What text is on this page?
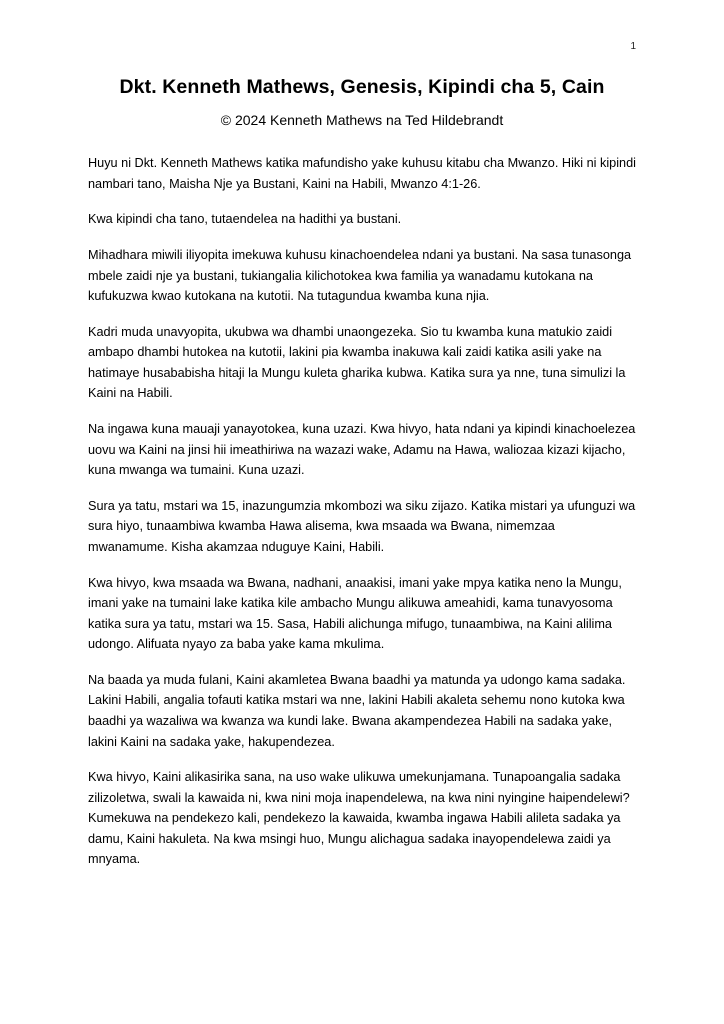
1
Dkt. Kenneth Mathews, Genesis, Kipindi cha 5, Cain
© 2024 Kenneth Mathews na Ted Hildebrandt

Huyu ni Dkt. Kenneth Mathews katika mafundisho yake kuhusu kitabu cha Mwanzo. Hiki ni kipindi nambari tano, Maisha Nje ya Bustani, Kaini na Habili, Mwanzo 4:1-26.

Kwa kipindi cha tano, tutaendelea na hadithi ya bustani.

Mihadhara miwili iliyopita imekuwa kuhusu kinachoendelea ndani ya bustani. Na sasa tunasonga mbele zaidi nje ya bustani, tukiangalia kilichotokea kwa familia ya wanadamu kutokana na kufukuzwa kwao kutokana na kutotii. Na tutagundua kwamba kuna njia.

Kadri muda unavyopita, ukubwa wa dhambi unaongezeka. Sio tu kwamba kuna matukio zaidi ambapo dhambi hutokea na kutotii, lakini pia kwamba inakuwa kali zaidi katika asili yake na hatimaye husababisha hitaji la Mungu kuleta gharika kubwa. Katika sura ya nne, tuna simulizi la Kaini na Habili.

Na ingawa kuna mauaji yanayotokea, kuna uzazi. Kwa hivyo, hata ndani ya kipindi kinachoelezea uovu wa Kaini na jinsi hii imeathiriwa na wazazi wake, Adamu na Hawa, waliozaa kizazi kijacho, kuna mwanga wa tumaini. Kuna uzazi.

Sura ya tatu, mstari wa 15, inazungumzia mkombozi wa siku zijazo. Katika mistari ya ufunguzi wa sura hiyo, tunaambiwa kwamba Hawa alisema, kwa msaada wa Bwana, nimemzaa mwanamume. Kisha akamzaa nduguye Kaini, Habili.

Kwa hivyo, kwa msaada wa Bwana, nadhani, anaakisi, imani yake mpya katika neno la Mungu, imani yake na tumaini lake katika kile ambacho Mungu alikuwa ameahidi, kama tunavyosoma katika sura ya tatu, mstari wa 15. Sasa, Habili alichunga mifugo, tunaambiwa, na Kaini alilima udongo. Alifuata nyayo za baba yake kama mkulima.

Na baada ya muda fulani, Kaini akamletea Bwana baadhi ya matunda ya udongo kama sadaka. Lakini Habili, angalia tofauti katika mstari wa nne, lakini Habili akaleta sehemu nono kutoka kwa baadhi ya wazaliwa wa kwanza wa kundi lake. Bwana akampendezea Habili na sadaka yake, lakini Kaini na sadaka yake, hakupendezea.

Kwa hivyo, Kaini alikasirika sana, na uso wake ulikuwa umekunjamana. Tunapoangalia sadaka zilizoletwa, swali la kawaida ni, kwa nini moja inapendelewa, na kwa nini nyingine haipendelewi? Kumekuwa na pendekezo kali, pendekezo la kawaida, kwamba ingawa Habili alileta sadaka ya damu, Kaini hakuleta. Na kwa msingi huo, Mungu alichagua sadaka inayopendelewa zaidi ya mnyama.
